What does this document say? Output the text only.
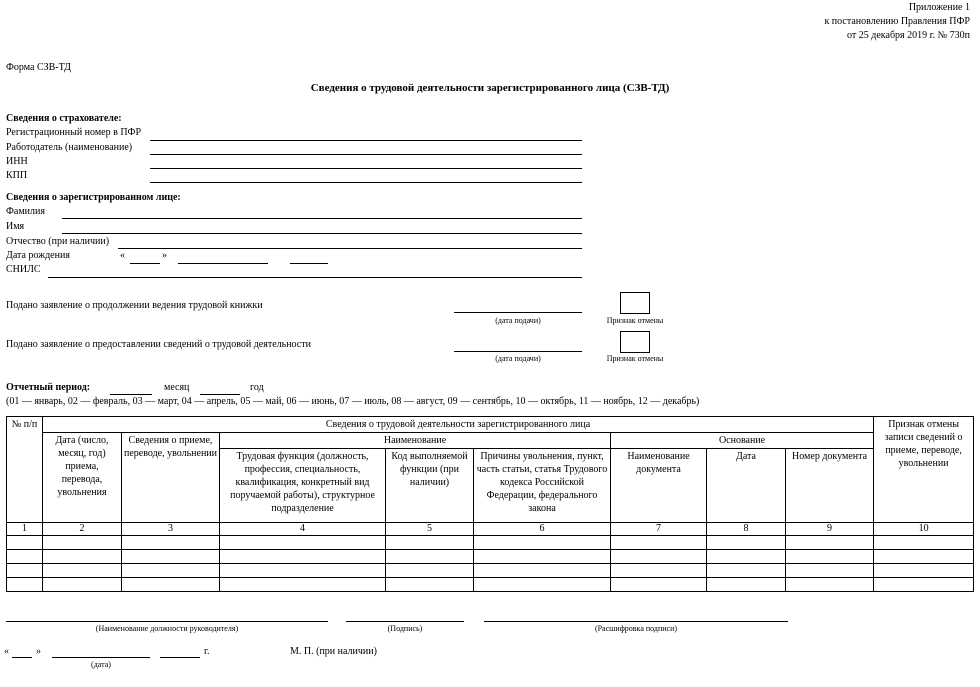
Приложение 1
к постановлению Правления ПФР
от 25 декабря 2019 г. № 730п
Форма СЗВ-ТД
Сведения о трудовой деятельности зарегистрированного лица (СЗВ-ТД)
Сведения о страхователе:
Регистрационный номер в ПФР
Работодатель (наименование)
ИНН
КПП
Сведения о зарегистрированном лице:
Фамилия
Имя
Отчество (при наличии)
Дата рождения	«	»
СНИЛС
Подано заявление о продолжении ведения трудовой книжки
(дата подачи)	Признак отмены
Подано заявление о предоставлении сведений о трудовой деятельности
(дата подачи)	Признак отмены
Отчетный период:	месяц	год
(01 — январь, 02 — февраль, 03 — март, 04 — апрель, 05 — май, 06 — июнь, 07 — июль, 08 — август, 09 — сентябрь, 10 — октябрь, 11 — ноябрь, 12 — декабрь)
№ п/п	Сведения о трудовой деятельности зарегистрированного лица								Признак отмены записи сведений о приеме, переводе, увольнении
	Дата (число, месяц, год) приема, перевода, увольнения	Сведения о приеме, переводе, увольнении	Наименование			Основание			
			Трудовая функция (должность, профессия, специальность, квалификация, конкретный вид поручаемой работы), структурное подразделение	Код выполняемой функции (при наличии)	Причины увольнения, пункт, часть статьи, статья Трудового кодекса Российской Федерации, федерального закона	Наименование документа	Дата	Номер документа	
1	2	3	4	5	6	7	8	9	10

(Наименование должности руководителя)	(Подпись)	(Расшифровка подписи)
«	»
(дата)
г.	М. П. (при наличии)
